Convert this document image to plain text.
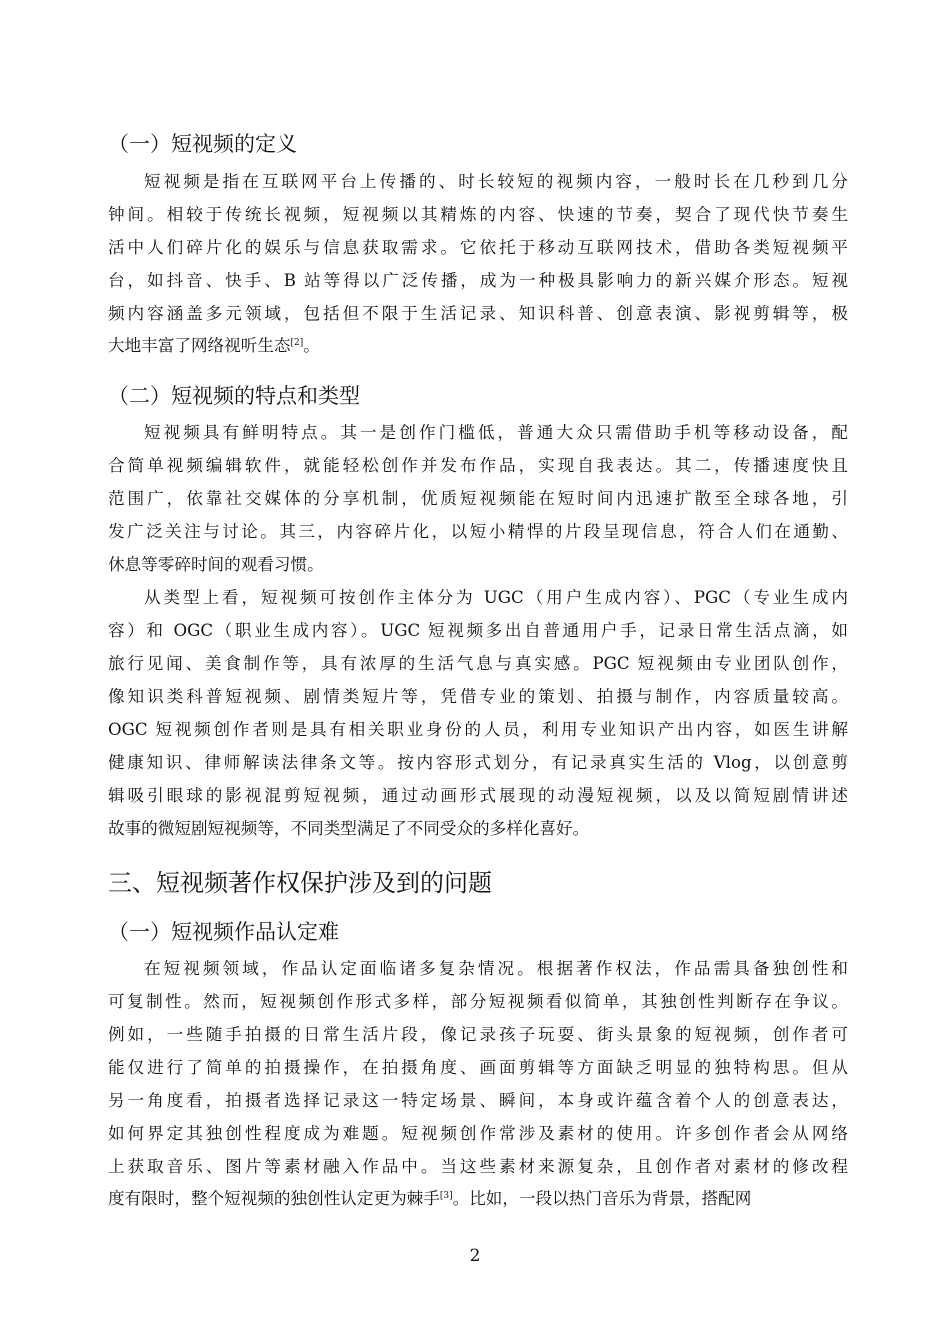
（一）短视频的定义
短视频是指在互联网平台上传播的、时长较短的视频内容，一般时长在几秒到几分
钟间。相较于传统长视频，短视频以其精炼的内容、快速的节奏，契合了现代快节奏生
活中人们碎片化的娱乐与信息获取需求。它依托于移动互联网技术，借助各类短视频平
台，如抖音、快手、B 站等得以广泛传播，成为一种极具影响力的新兴媒介形态。短视
频内容涵盖多元领域，包括但不限于生活记录、知识科普、创意表演、影视剪辑等，极
大地丰富了网络视听生态[2]。
（二）短视频的特点和类型
短视频具有鲜明特点。其一是创作门槛低，普通大众只需借助手机等移动设备，配
合简单视频编辑软件，就能轻松创作并发布作品，实现自我表达。其二，传播速度快且
范围广，依靠社交媒体的分享机制，优质短视频能在短时间内迅速扩散至全球各地，引
发广泛关注与讨论。其三，内容碎片化，以短小精悍的片段呈现信息，符合人们在通勤、
休息等零碎时间的观看习惯。
从类型上看，短视频可按创作主体分为 UGC（用户生成内容）、PGC（专业生成内
容）和 OGC（职业生成内容）。UGC 短视频多出自普通用户手，记录日常生活点滴，如
旅行见闻、美食制作等，具有浓厚的生活气息与真实感。PGC 短视频由专业团队创作，
像知识类科普短视频、剧情类短片等，凭借专业的策划、拍摄与制作，内容质量较高。
OGC 短视频创作者则是具有相关职业身份的人员，利用专业知识产出内容，如医生讲解
健康知识、律师解读法律条文等。按内容形式划分，有记录真实生活的 Vlog，以创意剪
辑吸引眼球的影视混剪短视频，通过动画形式展现的动漫短视频，以及以简短剧情讲述
故事的微短剧短视频等，不同类型满足了不同受众的多样化喜好。
三、短视频著作权保护涉及到的问题
（一）短视频作品认定难
在短视频领域，作品认定面临诸多复杂情况。根据著作权法，作品需具备独创性和
可复制性。然而，短视频创作形式多样，部分短视频看似简单，其独创性判断存在争议。
例如，一些随手拍摄的日常生活片段，像记录孩子玩耍、街头景象的短视频，创作者可
能仅进行了简单的拍摄操作，在拍摄角度、画面剪辑等方面缺乏明显的独特构思。但从
另一角度看，拍摄者选择记录这一特定场景、瞬间，本身或许蕴含着个人的创意表达，
如何界定其独创性程度成为难题。短视频创作常涉及素材的使用。许多创作者会从网络
上获取音乐、图片等素材融入作品中。当这些素材来源复杂，且创作者对素材的修改程
度有限时，整个短视频的独创性认定更为棘手[3]。比如，一段以热门音乐为背景，搭配网
2
